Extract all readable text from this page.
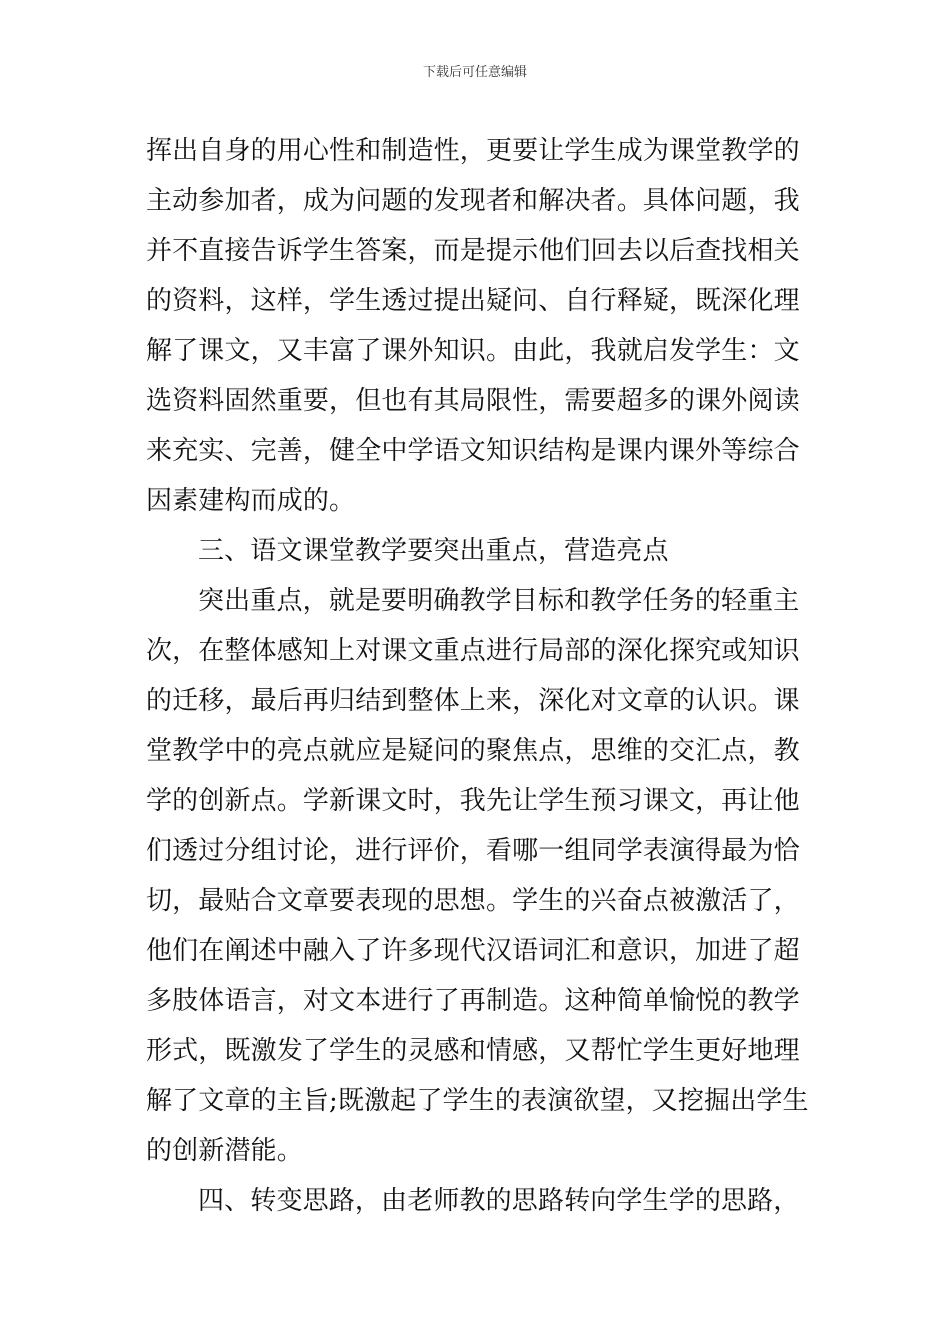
下载后可任意编辑
挥出自身的用心性和制造性，更要让学生成为课堂教学的
主动参加者，成为问题的发现者和解决者。具体问题，我
并不直接告诉学生答案，而是提示他们回去以后查找相关
的资料，这样，学生透过提出疑问、自行释疑，既深化理
解了课文，又丰富了课外知识。由此，我就启发学生：文
选资料固然重要，但也有其局限性，需要超多的课外阅读
来充实、完善，健全中学语文知识结构是课内课外等综合
因素建构而成的。
三、语文课堂教学要突出重点，营造亮点
突出重点，就是要明确教学目标和教学任务的轻重主
次，在整体感知上对课文重点进行局部的深化探究或知识
的迁移，最后再归结到整体上来，深化对文章的认识。课
堂教学中的亮点就应是疑问的聚焦点，思维的交汇点，教
学的创新点。学新课文时，我先让学生预习课文，再让他
们透过分组讨论，进行评价，看哪一组同学表演得最为恰
切，最贴合文章要表现的思想。学生的兴奋点被激活了，
他们在阐述中融入了许多现代汉语词汇和意识，加进了超
多肢体语言，对文本进行了再制造。这种简单愉悦的教学
形式，既激发了学生的灵感和情感，又帮忙学生更好地理
解了文章的主旨;既激起了学生的表演欲望，又挖掘出学生
的创新潜能。
四、转变思路，由老师教的思路转向学生学的思路，
